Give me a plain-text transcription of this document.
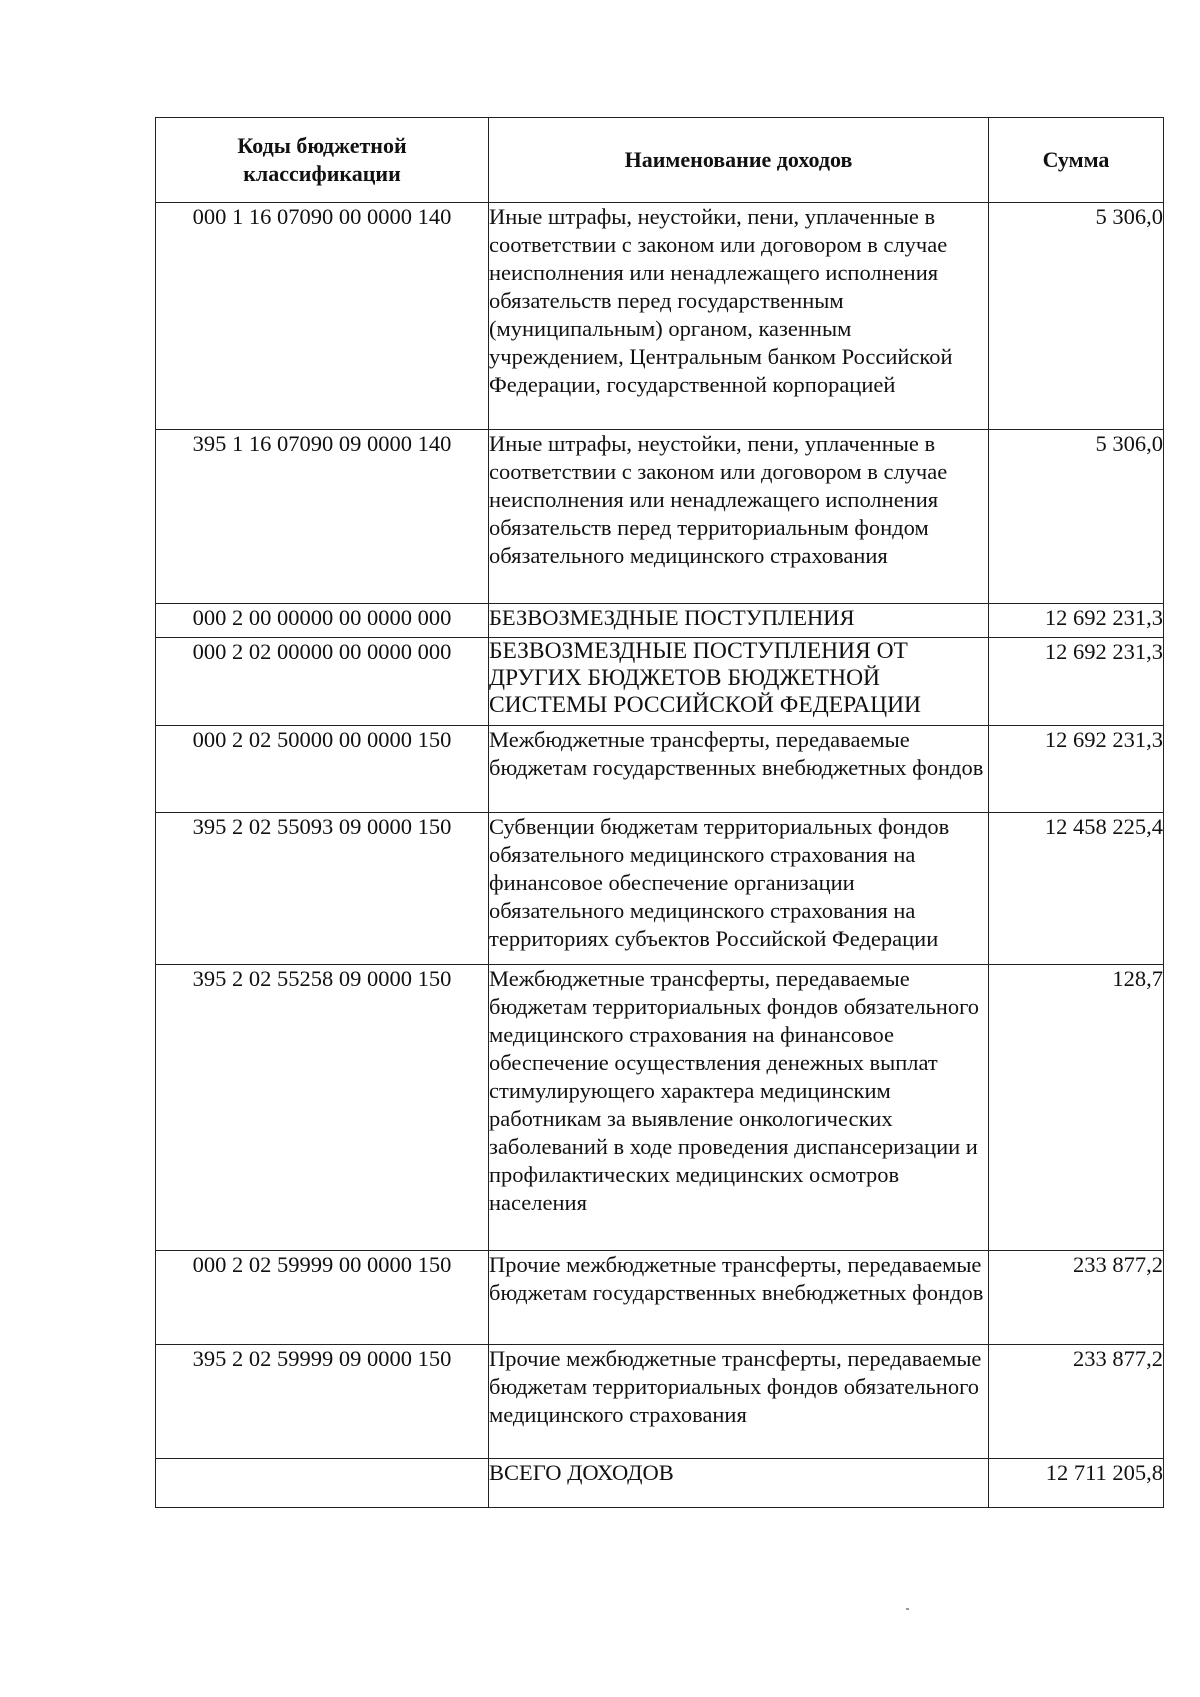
Коды бюджетной классификации	Наименование доходов	Сумма
000 1 16 07090 00 0000 140	Иные штрафы, неустойки, пени, уплаченные в соответствии с законом или договором в случае неисполнения или ненадлежащего исполнения обязательств перед государственным (муниципальным) органом, казенным учреждением, Центральным банком Российской Федерации, государственной корпорацией	5 306,0
395 1 16 07090 09 0000 140	Иные штрафы, неустойки, пени, уплаченные в соответствии с законом или договором в случае неисполнения или ненадлежащего исполнения обязательств перед территориальным фондом обязательного медицинского страхования	5 306,0
000 2 00 00000 00 0000 000	БЕЗВОЗМЕЗДНЫЕ ПОСТУПЛЕНИЯ	12 692 231,3
000 2 02 00000 00 0000 000	БЕЗВОЗМЕЗДНЫЕ ПОСТУПЛЕНИЯ ОТ ДРУГИХ БЮДЖЕТОВ БЮДЖЕТНОЙ СИСТЕМЫ РОССИЙСКОЙ ФЕДЕРАЦИИ	12 692 231,3
000 2 02 50000 00 0000 150	Межбюджетные трансферты, передаваемые бюджетам государственных внебюджетных фондов	12 692 231,3
395 2 02 55093 09 0000 150	Субвенции бюджетам территориальных фондов обязательного медицинского страхования на финансовое обеспечение организации обязательного медицинского страхования на территориях субъектов Российской Федерации	12 458 225,4
395 2 02 55258 09 0000 150	Межбюджетные трансферты, передаваемые бюджетам территориальных фондов обязательного медицинского страхования на финансовое обеспечение осуществления денежных выплат стимулирующего характера медицинским работникам за выявление онкологических заболеваний в ходе проведения диспансеризации и профилактических медицинских осмотров населения	128,7
000 2 02 59999 00 0000 150	Прочие межбюджетные трансферты, передаваемые бюджетам государственных внебюджетных фондов	233 877,2
395 2 02 59999 09 0000 150	Прочие межбюджетные трансферты, передаваемые бюджетам территориальных фондов обязательного медицинского страхования	233 877,2
	ВСЕГО ДОХОДОВ	12 711 205,8
